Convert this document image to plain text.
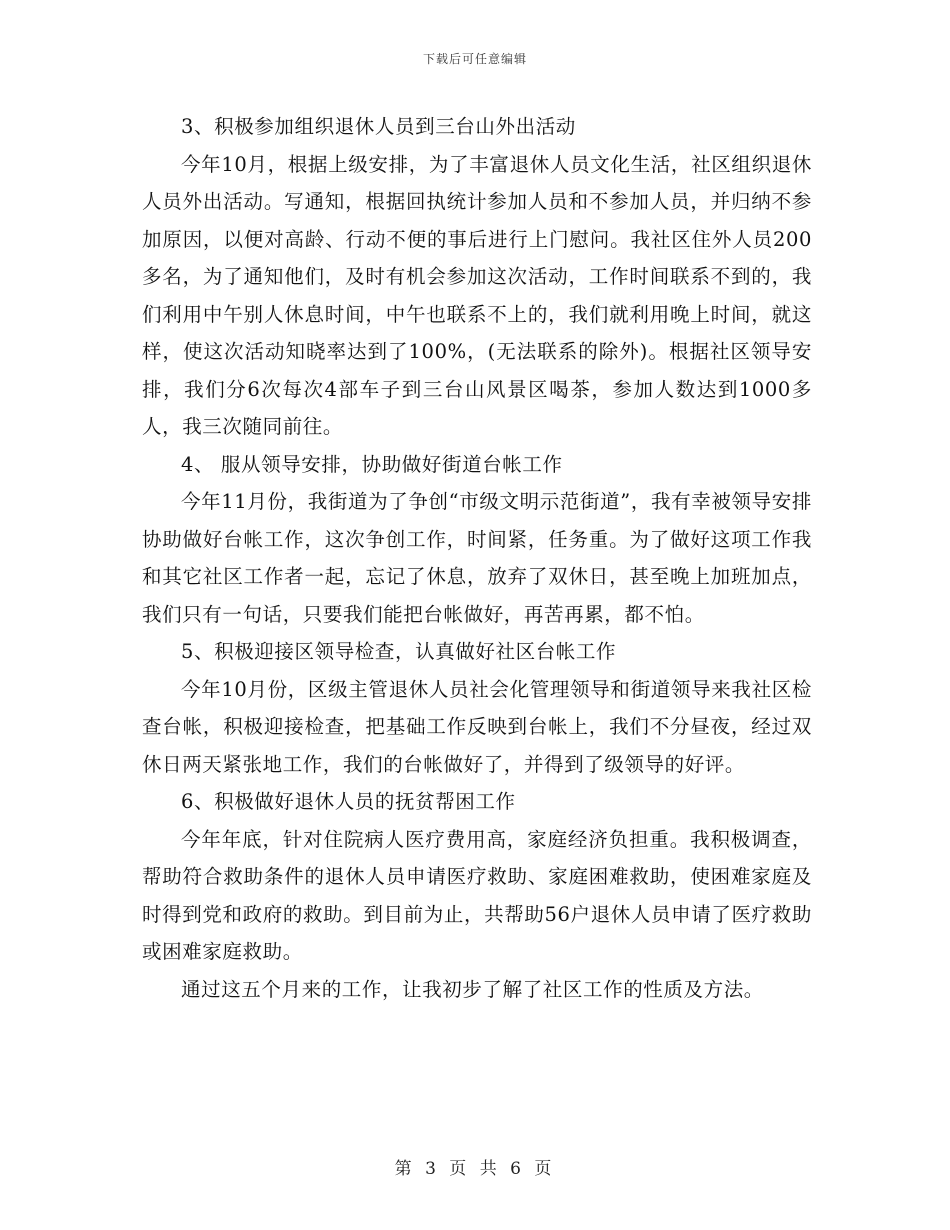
下载后可任意编辑

3、积极参加组织退休人员到三台山外出活动

今年10月，根据上级安排，为了丰富退休人员文化生活，社区组织退休人员外出活动。写通知，根据回执统计参加人员和不参加人员，并归纳不参加原因，以便对高龄、行动不便的事后进行上门慰问。我社区住外人员200多名，为了通知他们，及时有机会参加这次活动，工作时间联系不到的，我们利用中午别人休息时间，中午也联系不上的，我们就利用晚上时间，就这样，使这次活动知晓率达到了100%，(无法联系的除外)。根据社区领导安排，我们分6次每次4部车子到三台山风景区喝茶，参加人数达到1000多人，我三次随同前往。

4、 服从领导安排，协助做好街道台帐工作

今年11月份，我街道为了争创“市级文明示范街道”，我有幸被领导安排协助做好台帐工作，这次争创工作，时间紧，任务重。为了做好这项工作我和其它社区工作者一起，忘记了休息，放弃了双休日，甚至晚上加班加点，我们只有一句话，只要我们能把台帐做好，再苦再累，都不怕。

5、积极迎接区领导检查，认真做好社区台帐工作

今年10月份，区级主管退休人员社会化管理领导和街道领导来我社区检查台帐，积极迎接检查，把基础工作反映到台帐上，我们不分昼夜，经过双休日两天紧张地工作，我们的台帐做好了，并得到了级领导的好评。

6、积极做好退休人员的抚贫帮困工作

今年年底，针对住院病人医疗费用高，家庭经济负担重。我积极调查，帮助符合救助条件的退休人员申请医疗救助、家庭困难救助，使困难家庭及时得到党和政府的救助。到目前为止，共帮助56户退休人员申请了医疗救助或困难家庭救助。

通过这五个月来的工作，让我初步了解了社区工作的性质及方法。

第 3 页 共 6 页
